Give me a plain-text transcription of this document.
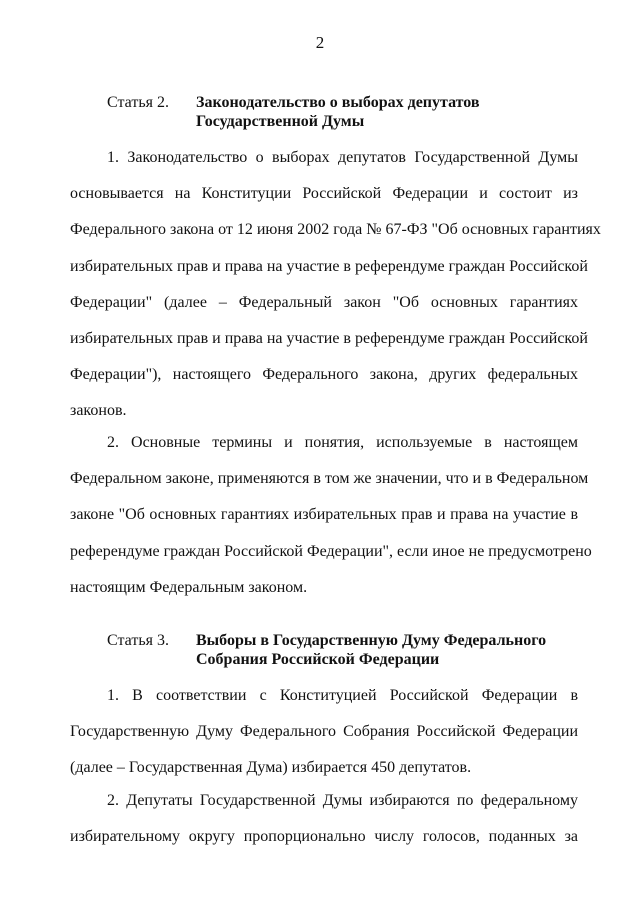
2
Статья 2.	Законодательство о выборах депутатов
Государственной Думы
1. Законодательство о выборах депутатов Государственной Думы
основывается на Конституции Российской Федерации и состоит из
Федерального закона от 12 июня 2002 года № 67-ФЗ "Об основных гарантиях
избирательных прав и права на участие в референдуме граждан Российской
Федерации" (далее – Федеральный закон "Об основных гарантиях
избирательных прав и права на участие в референдуме граждан Российской
Федерации"), настоящего Федерального закона, других федеральных
законов.
2. Основные термины и понятия, используемые в настоящем
Федеральном законе, применяются в том же значении, что и в Федеральном
законе "Об основных гарантиях избирательных прав и права на участие в
референдуме граждан Российской Федерации", если иное не предусмотрено
настоящим Федеральным законом.
Статья 3.	Выборы в Государственную Думу Федерального
Собрания Российской Федерации
1. В соответствии с Конституцией Российской Федерации в
Государственную Думу Федерального Собрания Российской Федерации
(далее – Государственная Дума) избирается 450 депутатов.
2. Депутаты Государственной Думы избираются по федеральному
избирательному округу пропорционально числу голосов, поданных за
